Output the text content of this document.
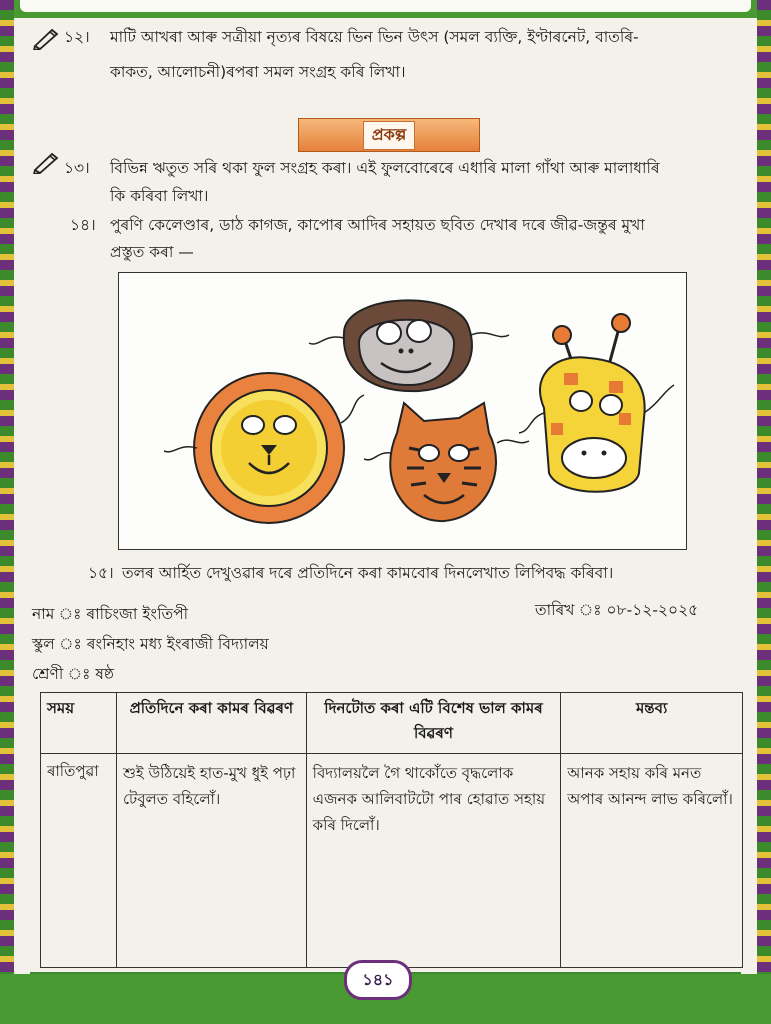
১২। মাটি আখৰা আৰু সত্ৰীয়া নৃত্যৰ বিষয়ে ভিন ভিন উৎস (সমল ব্যক্তি, ইণ্টাৰনেট, বাতৰি-
কাকত, আলোচনী)ৰপৰা সমল সংগ্ৰহ কৰি লিখা।
প্ৰকল্প
১৩। বিভিন্ন ঋতুত সৰি থকা ফুল সংগ্ৰহ কৰা। এই ফুলবোৰেৰে এধাৰি মালা গাঁথা আৰু মালাধাৰি
কি কৰিবা লিখা।
১৪। পুৰণি কেলেণ্ডাৰ, ডাঠ কাগজ, কাপোৰ আদিৰ সহায়ত ছবিত দেখাৰ দৰে জীৱ-জন্তুৰ মুখা
প্ৰস্তুত কৰা —
১৫। তলৰ আৰ্হিত দেখুওৱাৰ দৰে প্ৰতিদিনে কৰা কামবোৰ দিনলেখাত লিপিবদ্ধ কৰিবা।
নাম ঃ ৰাচিংজা ইংতিপী	তাৰিখ ঃ ০৮-১২-২০২৫
স্কুল ঃ ৰংনিহাং মধ্য ইংৰাজী বিদ্যালয়
শ্ৰেণী ঃ ষষ্ঠ
সময়	প্ৰতিদিনে কৰা কামৰ বিৱৰণ	দিনটোত কৰা এটি বিশেষ ভাল কামৰ বিৱৰণ	মন্তব্য
ৰাতিপুৱা	শুই উঠিয়েই হাত-মুখ ধুই পঢ়া টেবুলত বহিলোঁ।	বিদ্যালয়লৈ গৈ থাকোঁতে বৃদ্ধলোক এজনক আলিবাটটো পাৰ হোৱাত সহায় কৰি দিলোঁ।	আনক সহায় কৰি মনত অপাৰ আনন্দ লাভ কৰিলোঁ।
১৪১
